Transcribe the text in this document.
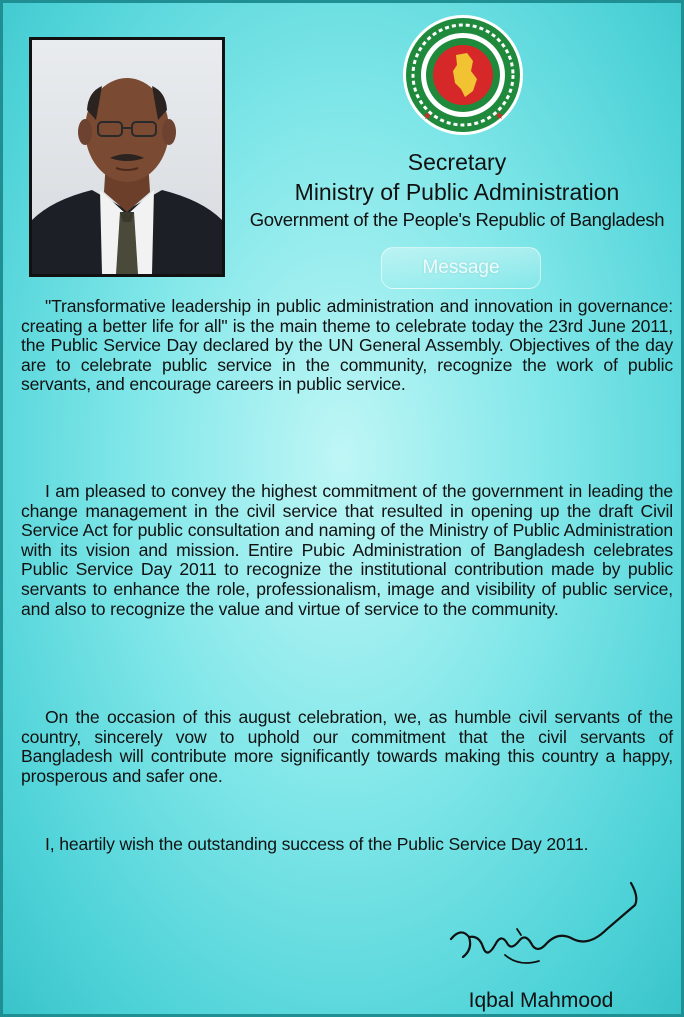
★	★
Secretary
Ministry of Public Administration
Government of the People's Republic of Bangladesh
Message

"Transformative leadership in public administration and innovation in governance: creating a better life for all" is the main theme to celebrate today the 23rd June 2011, the Public Service Day declared by the UN General Assembly. Objectives of the day are to celebrate public service in the community, recognize the work of public servants, and encourage careers in public service.

I am pleased to convey the highest commitment of the government in leading the change management in the civil service that resulted in opening up the draft Civil Service Act for public consultation and naming of the Ministry of Public Administration with its vision and mission. Entire Pubic Administration of Bangladesh celebrates Public Service Day 2011 to recognize the institutional contribution made by public servants to enhance the role, professionalism, image and visibility of public service, and also to recognize the value and virtue of service to the community.

On the occasion of this august celebration, we, as humble civil servants of the country, sincerely vow to uphold our commitment that the civil servants of Bangladesh will contribute more significantly towards making this country a happy, prosperous and safer one.

I, heartily wish the outstanding success of the Public Service Day 2011.

Iqbal Mahmood
